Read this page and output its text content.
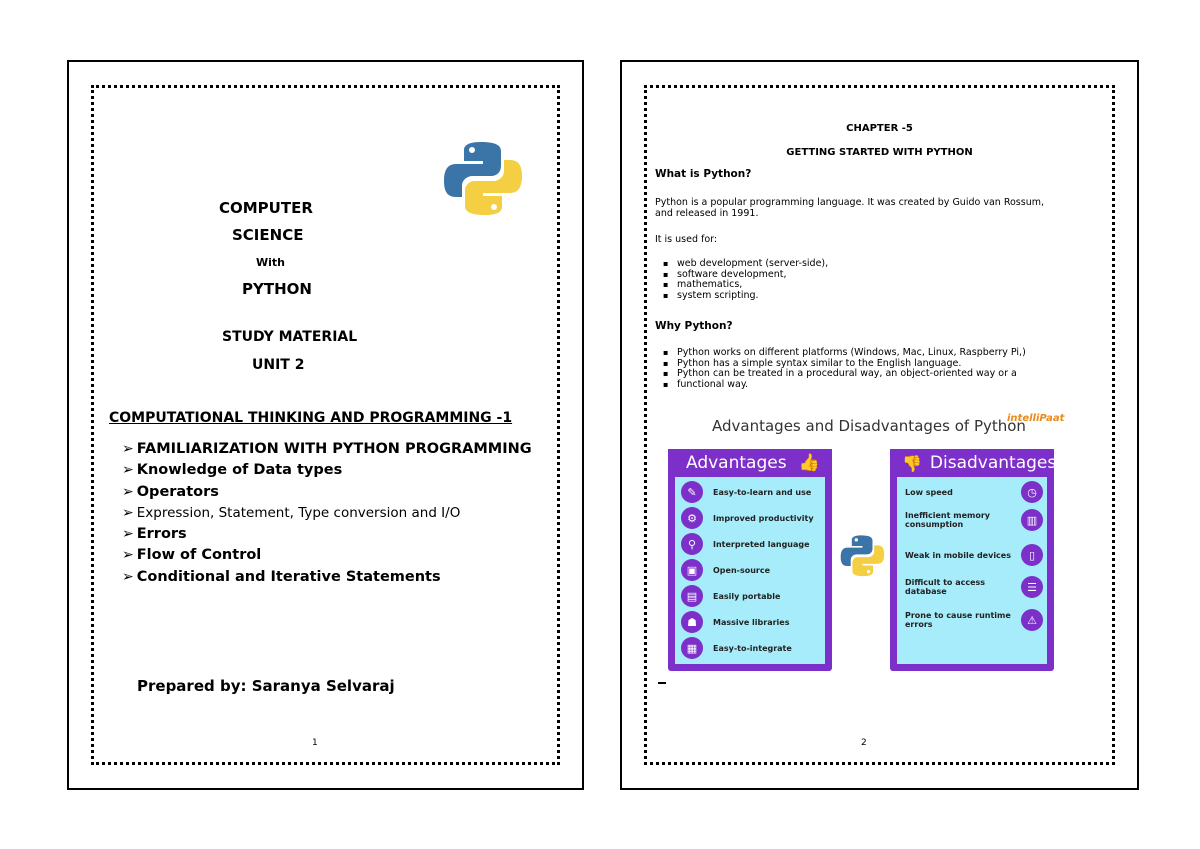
COMPUTER
SCIENCE
With
PYTHON
STUDY MATERIAL
UNIT 2
COMPUTATIONAL THINKING AND PROGRAMMING -1
➢ FAMILIARIZATION WITH PYTHON PROGRAMMING
➢ Knowledge of Data types
➢ Operators
➢ Expression, Statement, Type conversion and I/O
➢ Errors
➢ Flow of Control
➢ Conditional and Iterative Statements
Prepared by: Saranya Selvaraj
1
CHAPTER -5
GETTING STARTED WITH PYTHON
What is Python?
Python is a popular programming language. It was created by Guido van Rossum,
and released in 1991.
It is used for:
▪ web development (server-side),
▪ software development,
▪ mathematics,
▪ system scripting.
Why Python?
▪ Python works on different platforms (Windows, Mac, Linux, Raspberry Pi,)
▪ Python has a simple syntax similar to the English language.
▪ Python can be treated in a procedural way, an object-oriented way or a
▪ functional way.
Advantages and Disadvantages of Python
intelliPaat
Advantages 👍
✎	Easy-to-learn and use
⚙	Improved productivity
⚲	Interpreted language
▣	Open-source
▤	Easily portable
☗	Massive libraries
▦	Easy-to-integrate
👎 Disadvantages
Low speed	◷
Inefficient memory
consumption	▥
Weak in mobile devices	▯
Difficult to access database	☰
Prone to cause runtime
errors	⚠
2
